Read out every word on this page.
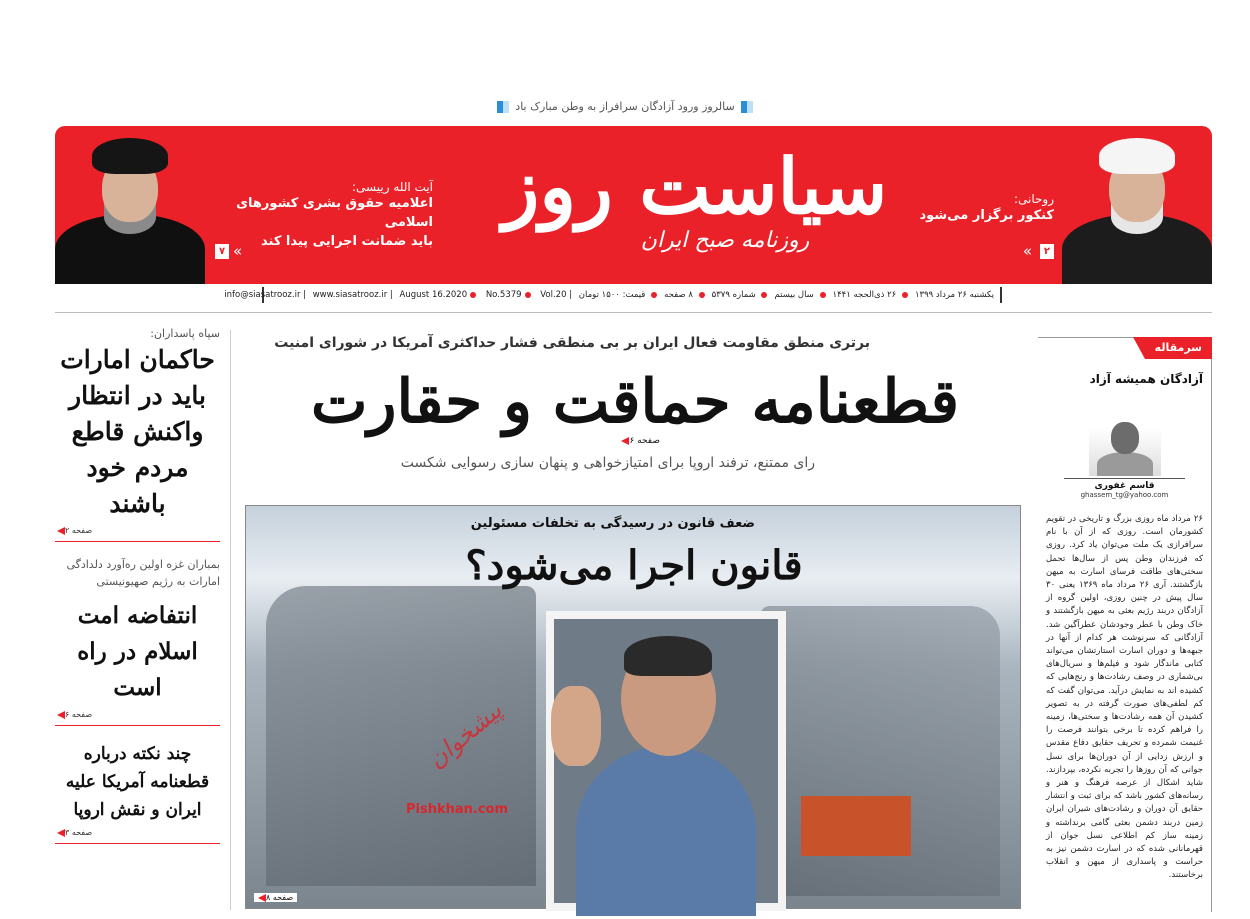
سالروز ورود آزادگان سرافراز به وطن مبارک باد
روحانی:
کنکور برگزار می‌شود
۲
»
سیاست روز
روزنامه صبح ایران
آیت الله رییسی:
اعلامیه حقوق بشری کشورهای اسلامی
باید ضمانت اجرایی پیدا کند
۷ »
یکشنبه ۲۶ مرداد ۱۳۹۹ ۲۶ ذی‌الحجه ۱۴۴۱ سال بیستم شماره ۵۳۷۹ ۸ صفحه قیمت: ۱۵۰۰ تومان | info@siasatrooz.ir | www.siasatrooz.ir | August 16.2020 No.5379 Vol.20
سپاه پاسداران:
حاکمان امارات باید در انتظار واکنش قاطع مردم خود باشند
صفحه ۲
بمباران غزه اولین ره‌آورد دلدادگی امارات به رژیم صهیونیستی
انتفاضه امت اسلام در راه است
صفحه ۶
چند نکته درباره قطعنامه آمریکا علیه ایران و نقش اروپا
صفحه ۳
برتری منطق مقاومت فعال ایران بر بی منطقی فشار حداکثری آمریکا در شورای امنیت
قطعنامه حماقت و حقارت
صفحه ۶
رای ممتنع، ترفند اروپا برای امتیازخواهی و پنهان سازی رسوایی شکست
ضعف قانون در رسیدگی به تخلفات مسئولین
قانون اجرا می‌شود؟
پیشخوان
Pishkhan.com
صفحه ۸
سرمقاله
آزادگان همیشه آزاد
قاسم غفوری
ghassem_tg@yahoo.com
۲۶ مرداد ماه روزی بزرگ و تاریخی در تقویم کشورمان است. روزی که از آن با نام سرافرازی یک ملت می‌توان یاد کرد. روزی که فرزندان وطن پس از سال‌ها تحمل سختی‌های طاقت فرسای اسارت به میهن بازگشتند. آری ۲۶ مرداد ماه ۱۳۶۹ یعنی ۳۰ سال پیش در چنین روزی، اولین گروه از آزادگان دربند رژیم بعثی به میهن بازگشتند و خاک وطن با عطر وجودشان عطرآگین شد. آزادگانی که سرنوشت هر کدام از آنها در جبهه‌ها و دوران اسارت استارتشان می‌تواند کتابی ماندگار شود و فیلم‌ها و سریال‌های بی‌شماری در وصف رشادت‌ها و رنج‌هایی که کشیده اند به نمایش درآید. می‌توان گفت که کم لطفی‌های صورت گرفته در به تصویر کشیدن آن همه رشادت‌ها و سختی‌ها، زمینه را فراهم کرده تا برخی بتوانند فرصت را غنیمت شمرده و تحریف حقایق دفاع مقدس و ارزش زدایی از آن دوران‌ها برای نسل جوانی که آن روزها را تجربه نکرده، بپردازند. شاید اشکال از عرصه فرهنگ و هنر و رسانه‌های کشور باشد که برای ثبت و انتشار حقایق آن دوران و رشادت‌های شیران ایران زمین دربند دشمن بعثی گامی برنداشته و زمینه ساز کم اطلاعی نسل جوان از قهرمانانی شده که در اسارت دشمن نیز به حراست و پاسداری از میهن و انقلاب برخاستند.
